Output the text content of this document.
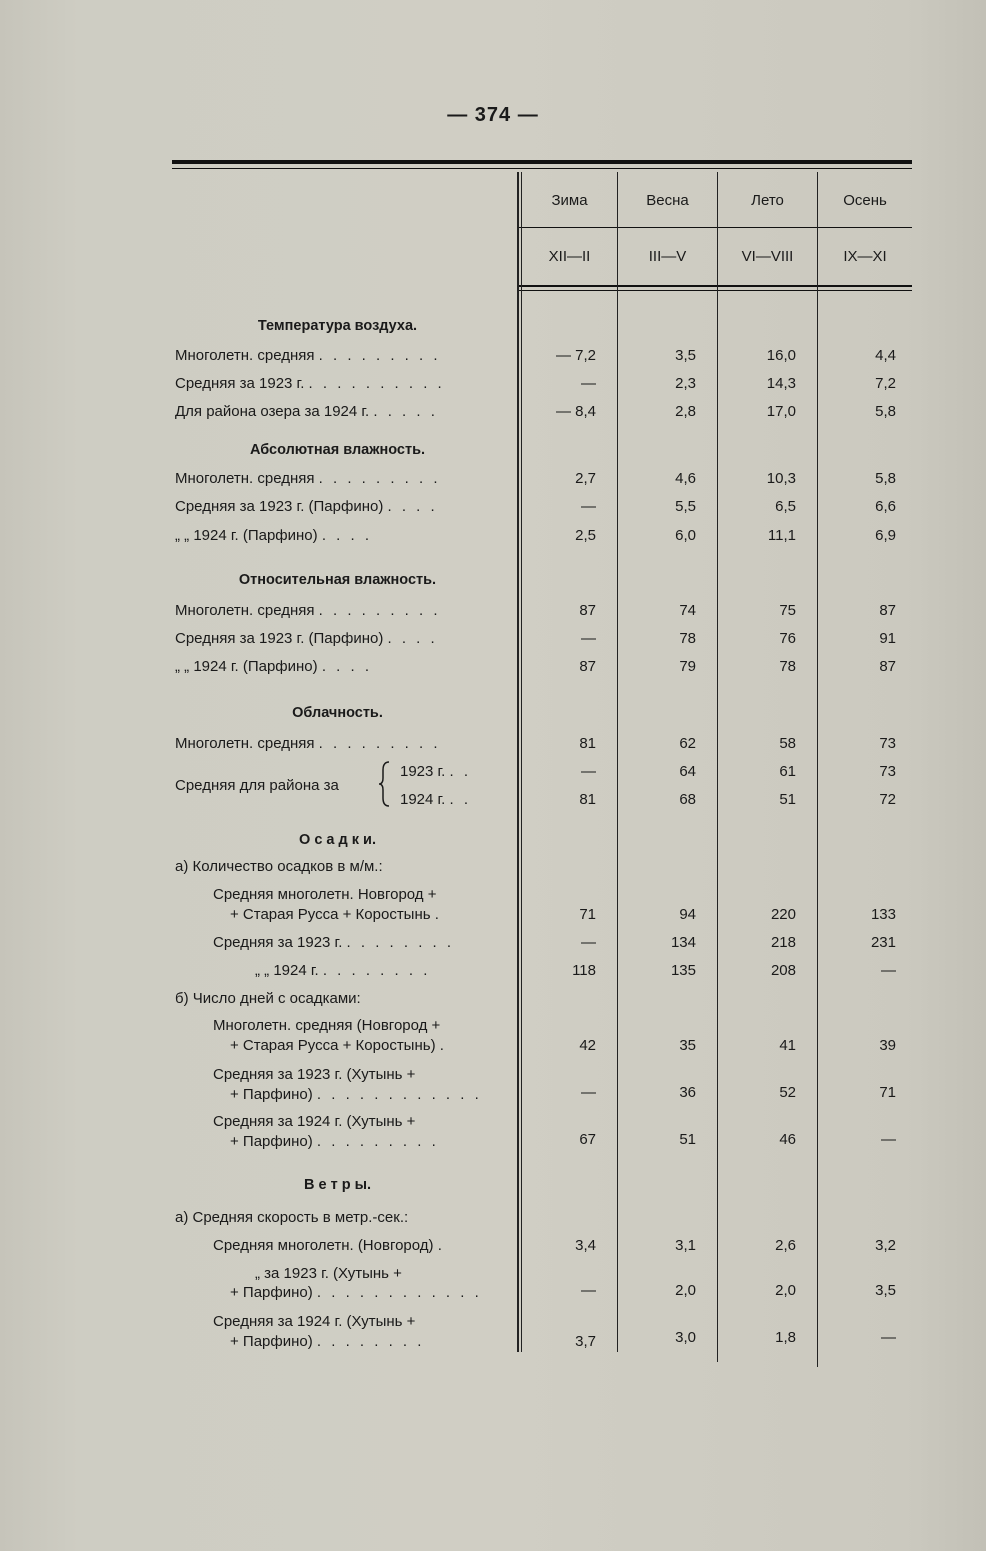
— 374 —
Зима	Весна	Лето	Осень
XII—II	III—V	VI—VIII	IX—XI
Температура воздуха.
Многолетн. средняя . . . . . . . . .	— 7,2	3,5	16,0	4,4
Средняя за 1923 г. . . . . . . . . . .	—	2,3	14,3	7,2
Для района озера за 1924 г. . . . . .	— 8,4	2,8	17,0	5,8
Абсолютная влажность.
Многолетн. средняя . . . . . . . . .	2,7	4,6	10,3	5,8
Средняя за 1923 г. (Парфино) . . . .	—	5,5	6,5	6,6
„ „ 1924 г. (Парфино) . . . .	2,5	6,0	11,1	6,9
Относительная влажность.
Многолетн. средняя . . . . . . . . .	87	74	75	87
Средняя за 1923 г. (Парфино) . . . .	—	78	76	91
„ „ 1924 г. (Парфино) . . . .	87	79	78	87
Облачность.
Многолетн. средняя . . . . . . . . .	81	62	58	73
Средняя для района за
1923 г. . .	—	64	61	73
1924 г. . .	81	68	51	72
О с а д к и.
а) Количество осадков в м/м.:
Средняя многолетн. Новгород +
+ Старая Русса + Коростынь .	71	94	220	133
Средняя за 1923 г. . . . . . . . .	—	134	218	231
„ „ 1924 г. . . . . . . . .	118	135	208	—
б) Число дней с осадками:
Многолетн. средняя (Новгород +
+ Старая Русса + Коростынь) .	42	35	41	39
Средняя за 1923 г. (Хутынь +
+ Парфино) . . . . . . . . . . . .	—	36	52	71
Средняя за 1924 г. (Хутынь +
+ Парфино) . . . . . . . . .	67	51	46	—
В е т р ы.
а) Средняя скорость в метр.-сек.:
Средняя многолетн. (Новгород) .	3,4	3,1	2,6	3,2
„ за 1923 г. (Хутынь +
+ Парфино) . . . . . . . . . . . .	—	2,0	2,0	3,5
Средняя за 1924 г. (Хутынь +
+ Парфино) . . . . . . . .	3,7	3,0	1,8	—
